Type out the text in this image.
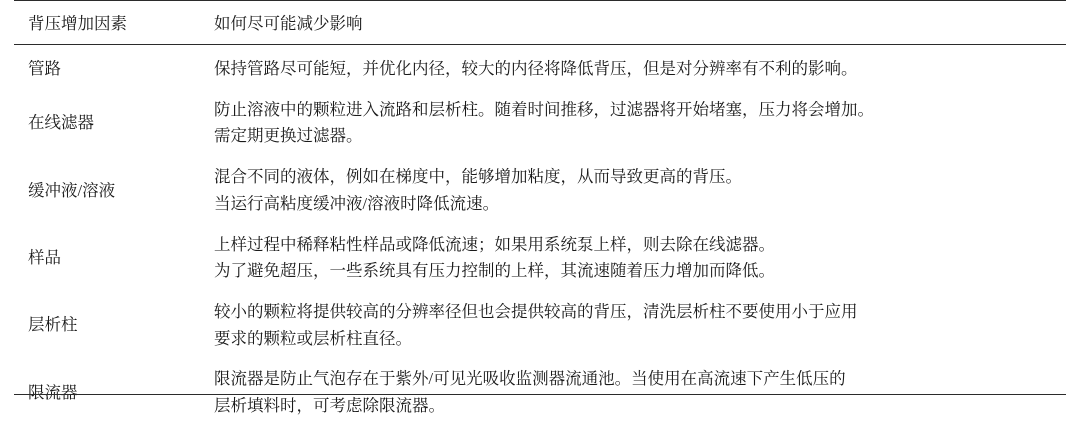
背压增加因素	如何尽可能减少影响
管路	保持管路尽可能短，并优化内径，较大的内径将降低背压，但是对分辨率有不利的影响。

在线滤器	防止溶液中的颗粒进入流路和层析柱。随着时间推移，过滤器将开始堵塞，压力将会增加。
需定期更换过滤器。

缓冲液/溶液	混合不同的液体，例如在梯度中，能够增加粘度，从而导致更高的背压。
当运行高粘度缓冲液/溶液时降低流速。

样品	上样过程中稀释粘性样品或降低流速；如果用系统泵上样，则去除在线滤器。
为了避免超压，一些系统具有压力控制的上样，其流速随着压力增加而降低。

层析柱	较小的颗粒将提供较高的分辨率径但也会提供较高的背压，清洗层析柱不要使用小于应用
要求的颗粒或层析柱直径。

限流器	限流器是防止气泡存在于紫外/可见光吸收监测器流通池。当使用在高流速下产生低压的
层析填料时，可考虑除限流器。
